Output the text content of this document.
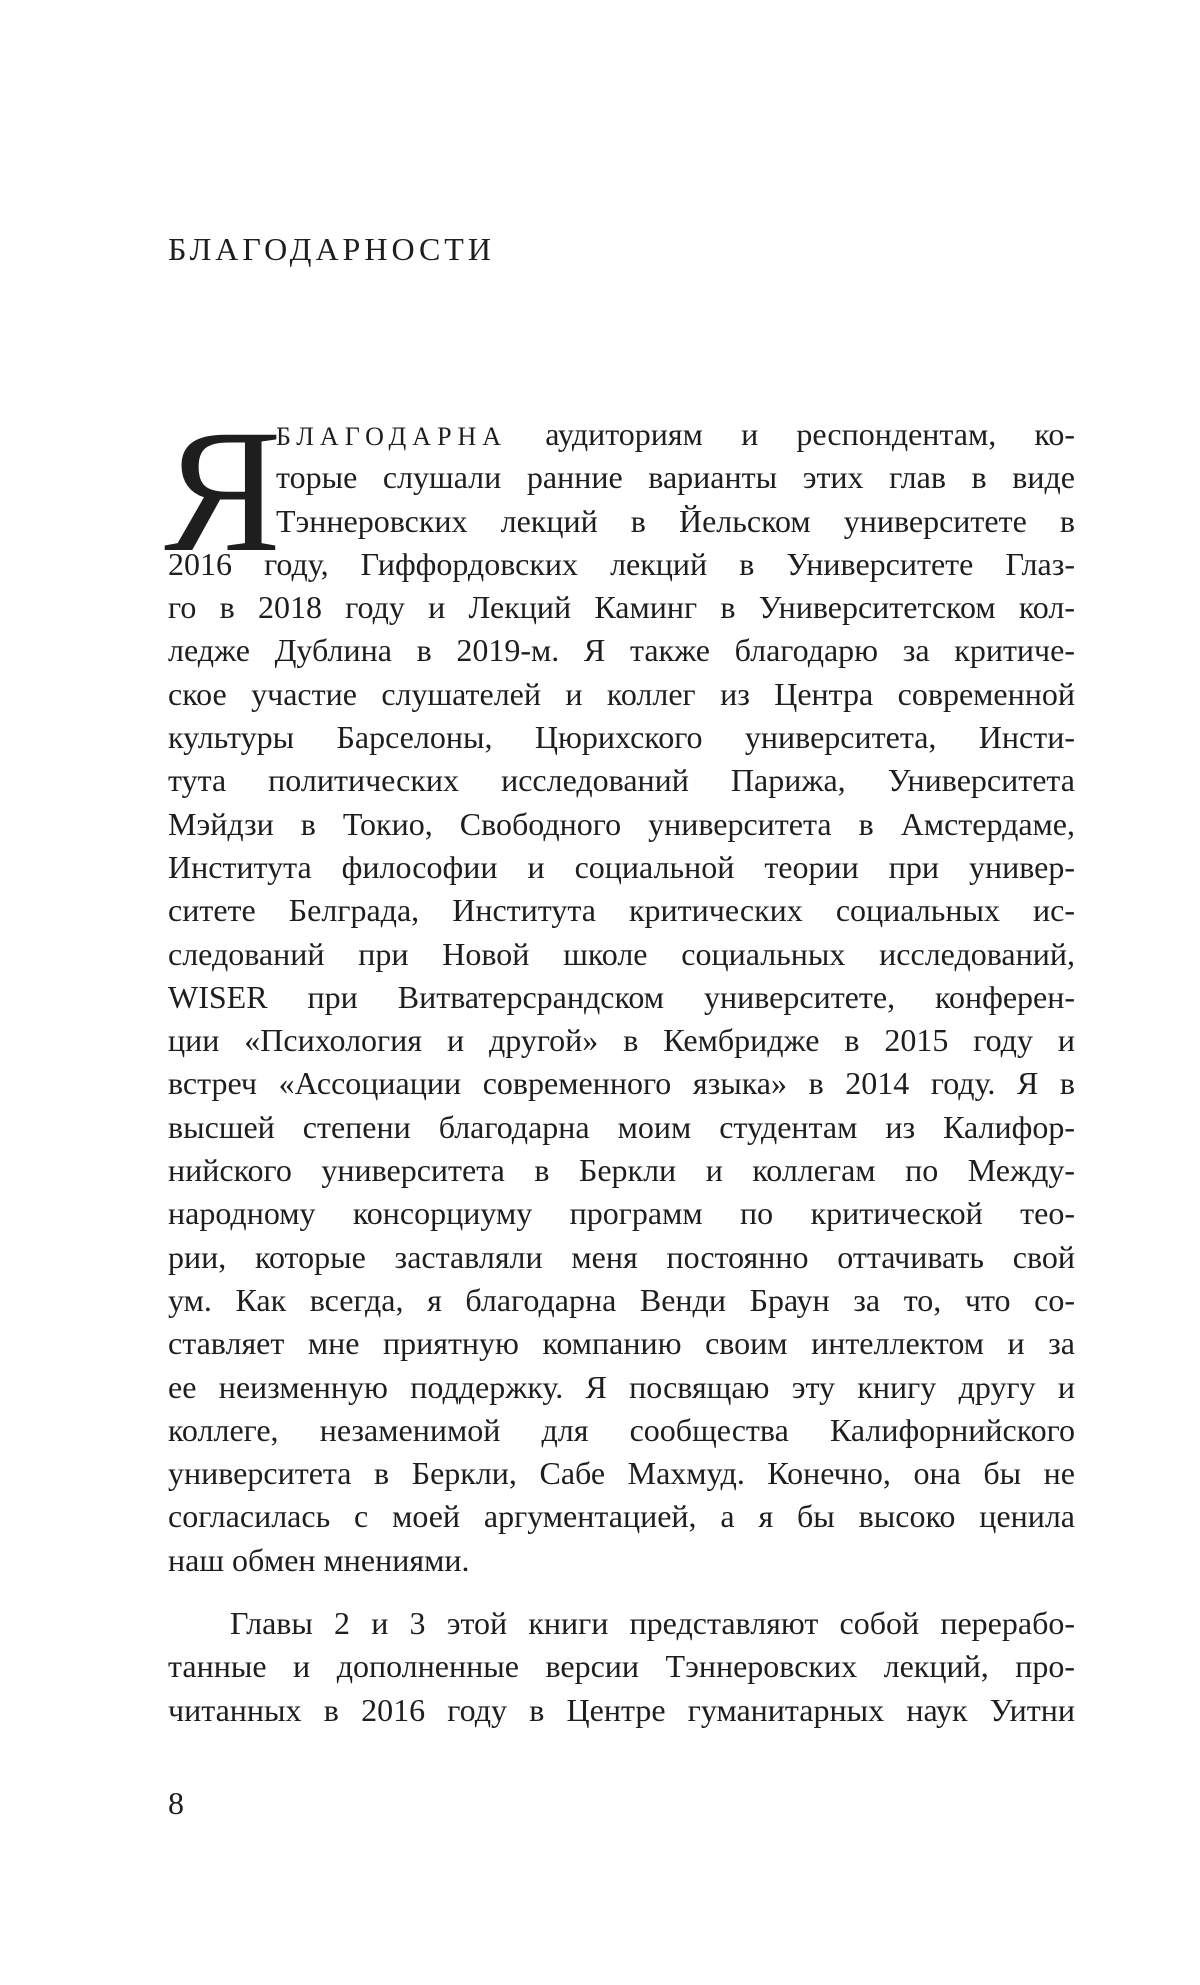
БЛАГОДАРНОСТИ
Я
БЛАГОДАРНА аудиториям и респондентам, ко-
торые слушали ранние варианты этих глав в виде
Тэннеровских лекций в Йельском университете в
2016 году, Гиффордовских лекций в Университете Глаз-
го в 2018 году и Лекций Каминг в Университетском кол-
ледже Дублина в 2019-м. Я также благодарю за критиче-
ское участие слушателей и коллег из Центра современной
культуры Барселоны, Цюрихского университета, Инсти-
тута политических исследований Парижа, Университета
Мэйдзи в Токио, Свободного университета в Амстердаме,
Института философии и социальной теории при универ-
ситете Белграда, Института критических социальных ис-
следований при Новой школе социальных исследований,
WISER при Витватерсрандском университете, конферен-
ции «Психология и другой» в Кембридже в 2015 году и
встреч «Ассоциации современного языка» в 2014 году. Я в
высшей степени благодарна моим студентам из Калифор-
нийского университета в Беркли и коллегам по Между-
народному консорциуму программ по критической тео-
рии, которые заставляли меня постоянно оттачивать свой
ум. Как всегда, я благодарна Венди Браун за то, что со-
ставляет мне приятную компанию своим интеллектом и за
ее неизменную поддержку. Я посвящаю эту книгу другу и
коллеге, незаменимой для сообщества Калифорнийского
университета в Беркли, Сабе Махмуд. Конечно, она бы не
согласилась с моей аргументацией, а я бы высоко ценила
наш обмен мнениями.
Главы 2 и 3 этой книги представляют собой перерабо-
танные и дополненные версии Тэннеровских лекций, про-
читанных в 2016 году в Центре гуманитарных наук Уитни
8
